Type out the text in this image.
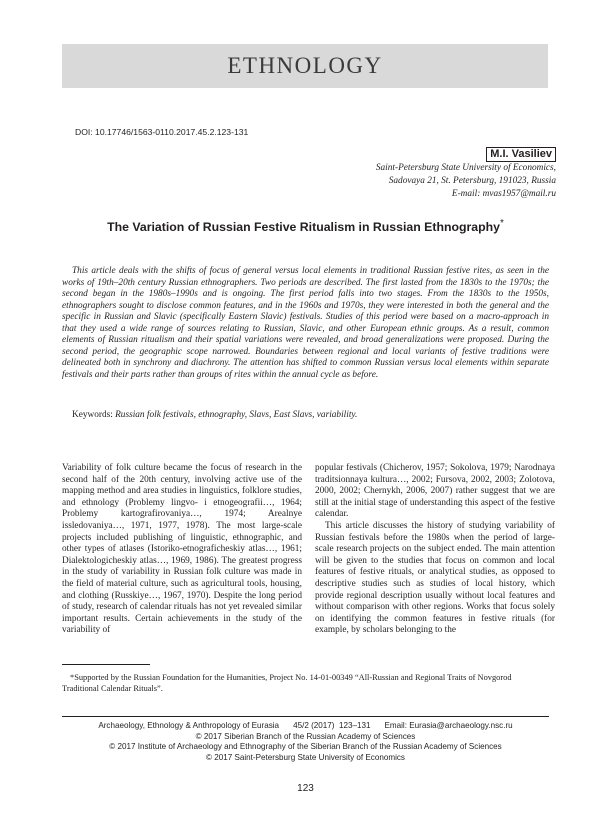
ETHNOLOGY
DOI: 10.17746/1563-0110.2017.45.2.123-131
M.I. Vasiliev
Saint-Petersburg State University of Economics,
Sadovaya 21, St. Petersburg, 191023, Russia
E-mail: mvas1957@mail.ru
The Variation of Russian Festive Ritualism in Russian Ethnography*

This article deals with the shifts of focus of general versus local elements in traditional Russian festive rites, as seen in the works of 19th–20th century Russian ethnographers. Two periods are described. The first lasted from the 1830s to the 1970s; the second began in the 1980s–1990s and is ongoing. The first period falls into two stages. From the 1830s to the 1950s, ethnographers sought to disclose common features, and in the 1960s and 1970s, they were interested in both the general and the specific in Russian and Slavic (specifically Eastern Slavic) festivals. Studies of this period were based on a macro-approach in that they used a wide range of sources relating to Russian, Slavic, and other European ethnic groups. As a result, common elements of Russian ritualism and their spatial variations were revealed, and broad generalizations were proposed. During the second period, the geographic scope narrowed. Boundaries between regional and local variants of festive traditions were delineated both in synchrony and diachrony. The attention has shifted to common Russian versus local elements within separate festivals and their parts rather than groups of rites within the annual cycle as before.

Keywords: Russian folk festivals, ethnography, Slavs, East Slavs, variability.

Variability of folk culture became the focus of research in the second half of the 20th century, involving active use of the mapping method and area studies in linguistics, folklore studies, and ethnology (Problemy lingvo- i etnogeografii…, 1964; Problemy kartografirovaniya…, 1974; Arealnye issledovaniya…, 1971, 1977, 1978). The most large-scale projects included publishing of linguistic, ethnographic, and other types of atlases (Istoriko-etnograficheskiy atlas…, 1961; Dialektologicheskiy atlas…, 1969, 1986). The greatest progress in the study of variability in Russian folk culture was made in the field of material culture, such as agricultural tools, housing, and clothing (Russkiye…, 1967, 1970). Despite the long period of study, research of calendar rituals has not yet revealed similar important results. Certain achievements in the study of the variability of

popular festivals (Chicherov, 1957; Sokolova, 1979; Narodnaya traditsionnaya kultura…, 2002; Fursova, 2002, 2003; Zolotova, 2000, 2002; Chernykh, 2006, 2007) rather suggest that we are still at the initial stage of understanding this aspect of the festive calendar.

This article discusses the history of studying variability of Russian festivals before the 1980s when the period of large-scale research projects on the subject ended. The main attention will be given to the studies that focus on common and local features of festive rituals, or analytical studies, as opposed to descriptive studies such as studies of local history, which provide regional description usually without local features and without comparison with other regions. Works that focus solely on identifying the common features in festive rituals (for example, by scholars belonging to the

*Supported by the Russian Foundation for the Humanities, Project No. 14-01-00349 “All-Russian and Regional Traits of Novgorod Traditional Calendar Rituals”.

Archaeology, Ethnology & Anthropology of Eurasia 45/2 (2017) 123–131 Email: Eurasia@archaeology.nsc.ru
© 2017 Siberian Branch of the Russian Academy of Sciences
© 2017 Institute of Archaeology and Ethnography of the Siberian Branch of the Russian Academy of Sciences
© 2017 Saint-Petersburg State University of Economics
123
